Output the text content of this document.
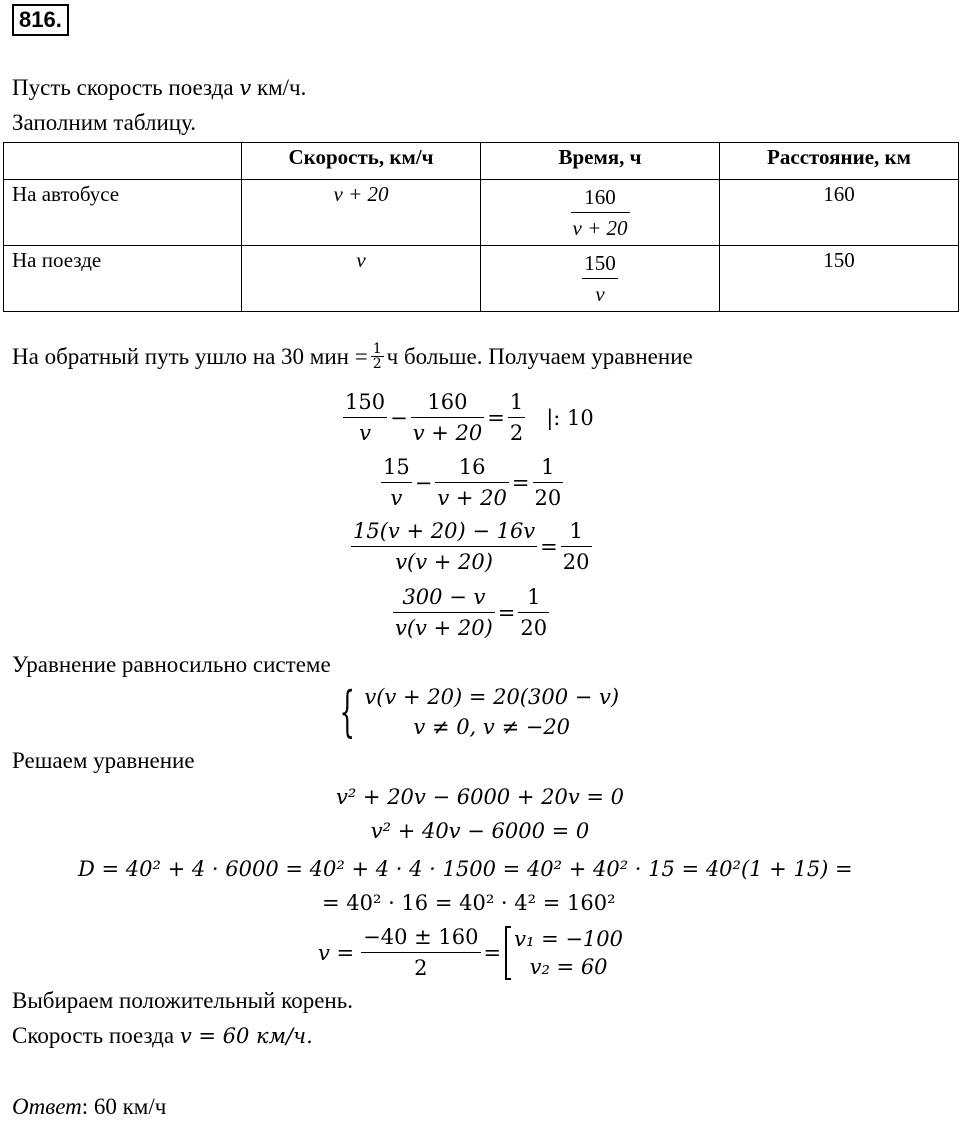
816.
Пусть скорость поезда v км/ч.
Заполним таблицу.
	Скорость, км/ч	Время, ч	Расстояние, км
На автобусе	v + 20	$\frac{160}{v + 20}$	160
На поезде	v	$\frac{150}{v}$	150
На обратный путь ушло на 30 мин = $\frac{1}{2}$ ч больше. Получаем уравнение
$\frac{150}{v} - \frac{160}{v + 20} = \frac{1}{2}$ |: 10
$\frac{15}{v} - \frac{16}{v + 20} = \frac{1}{20}$
$\frac{15(v + 20) - 16v}{v(v + 20)} = \frac{1}{20}$
$\frac{300 - v}{v(v + 20)} = \frac{1}{20}$
Уравнение равносильно системе
{ v(v + 20) = 20(300 − v)
v ≠ 0, v ≠ −20
Решаем уравнение
v² + 20v − 6000 + 20v = 0
v² + 40v − 6000 = 0
D = 40² + 4 · 6000 = 40² + 4 · 4 · 1500 = 40² + 40² · 15 = 40²(1 + 15) =
= 40² · 16 = 40² · 4² = 160²
$v = \frac{-40 \pm 160}{2}$ =
v₁ = −100
v₂ = 60
Выбираем положительный корень.
Скорость поезда v = 60 км/ч.
Ответ: 60 км/ч
